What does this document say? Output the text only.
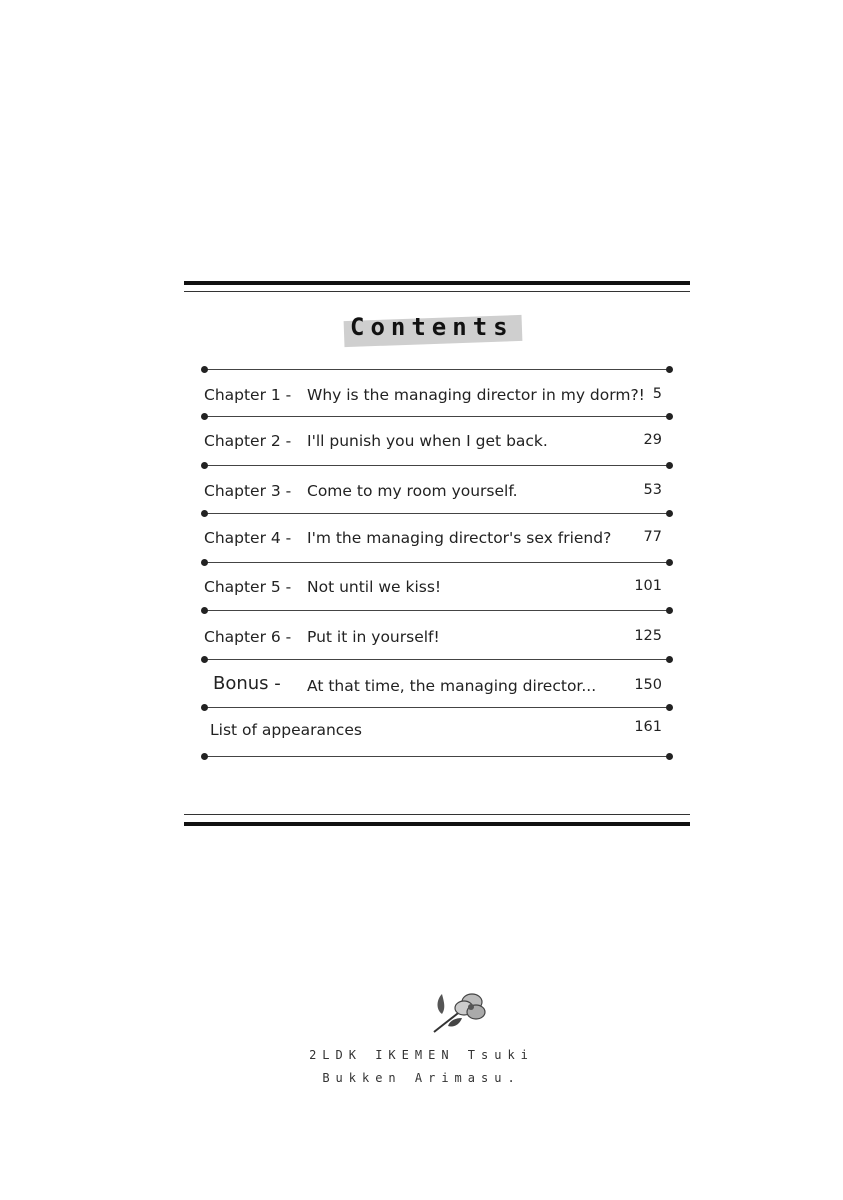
Contents
Chapter 1 - Why is the managing director in my dorm?! 5
Chapter 2 - I'll punish you when I get back.	29
Chapter 3 - Come to my room yourself.	53
Chapter 4 - I'm the managing director's sex friend? 77
Chapter 5 - Not until we kiss!	101
Chapter 6 - Put it in yourself!	125
Bonus - At that time, the managing director...	150
List of appearances	161
2LDK IKEMEN Tsuki
Bukken Arimasu.
